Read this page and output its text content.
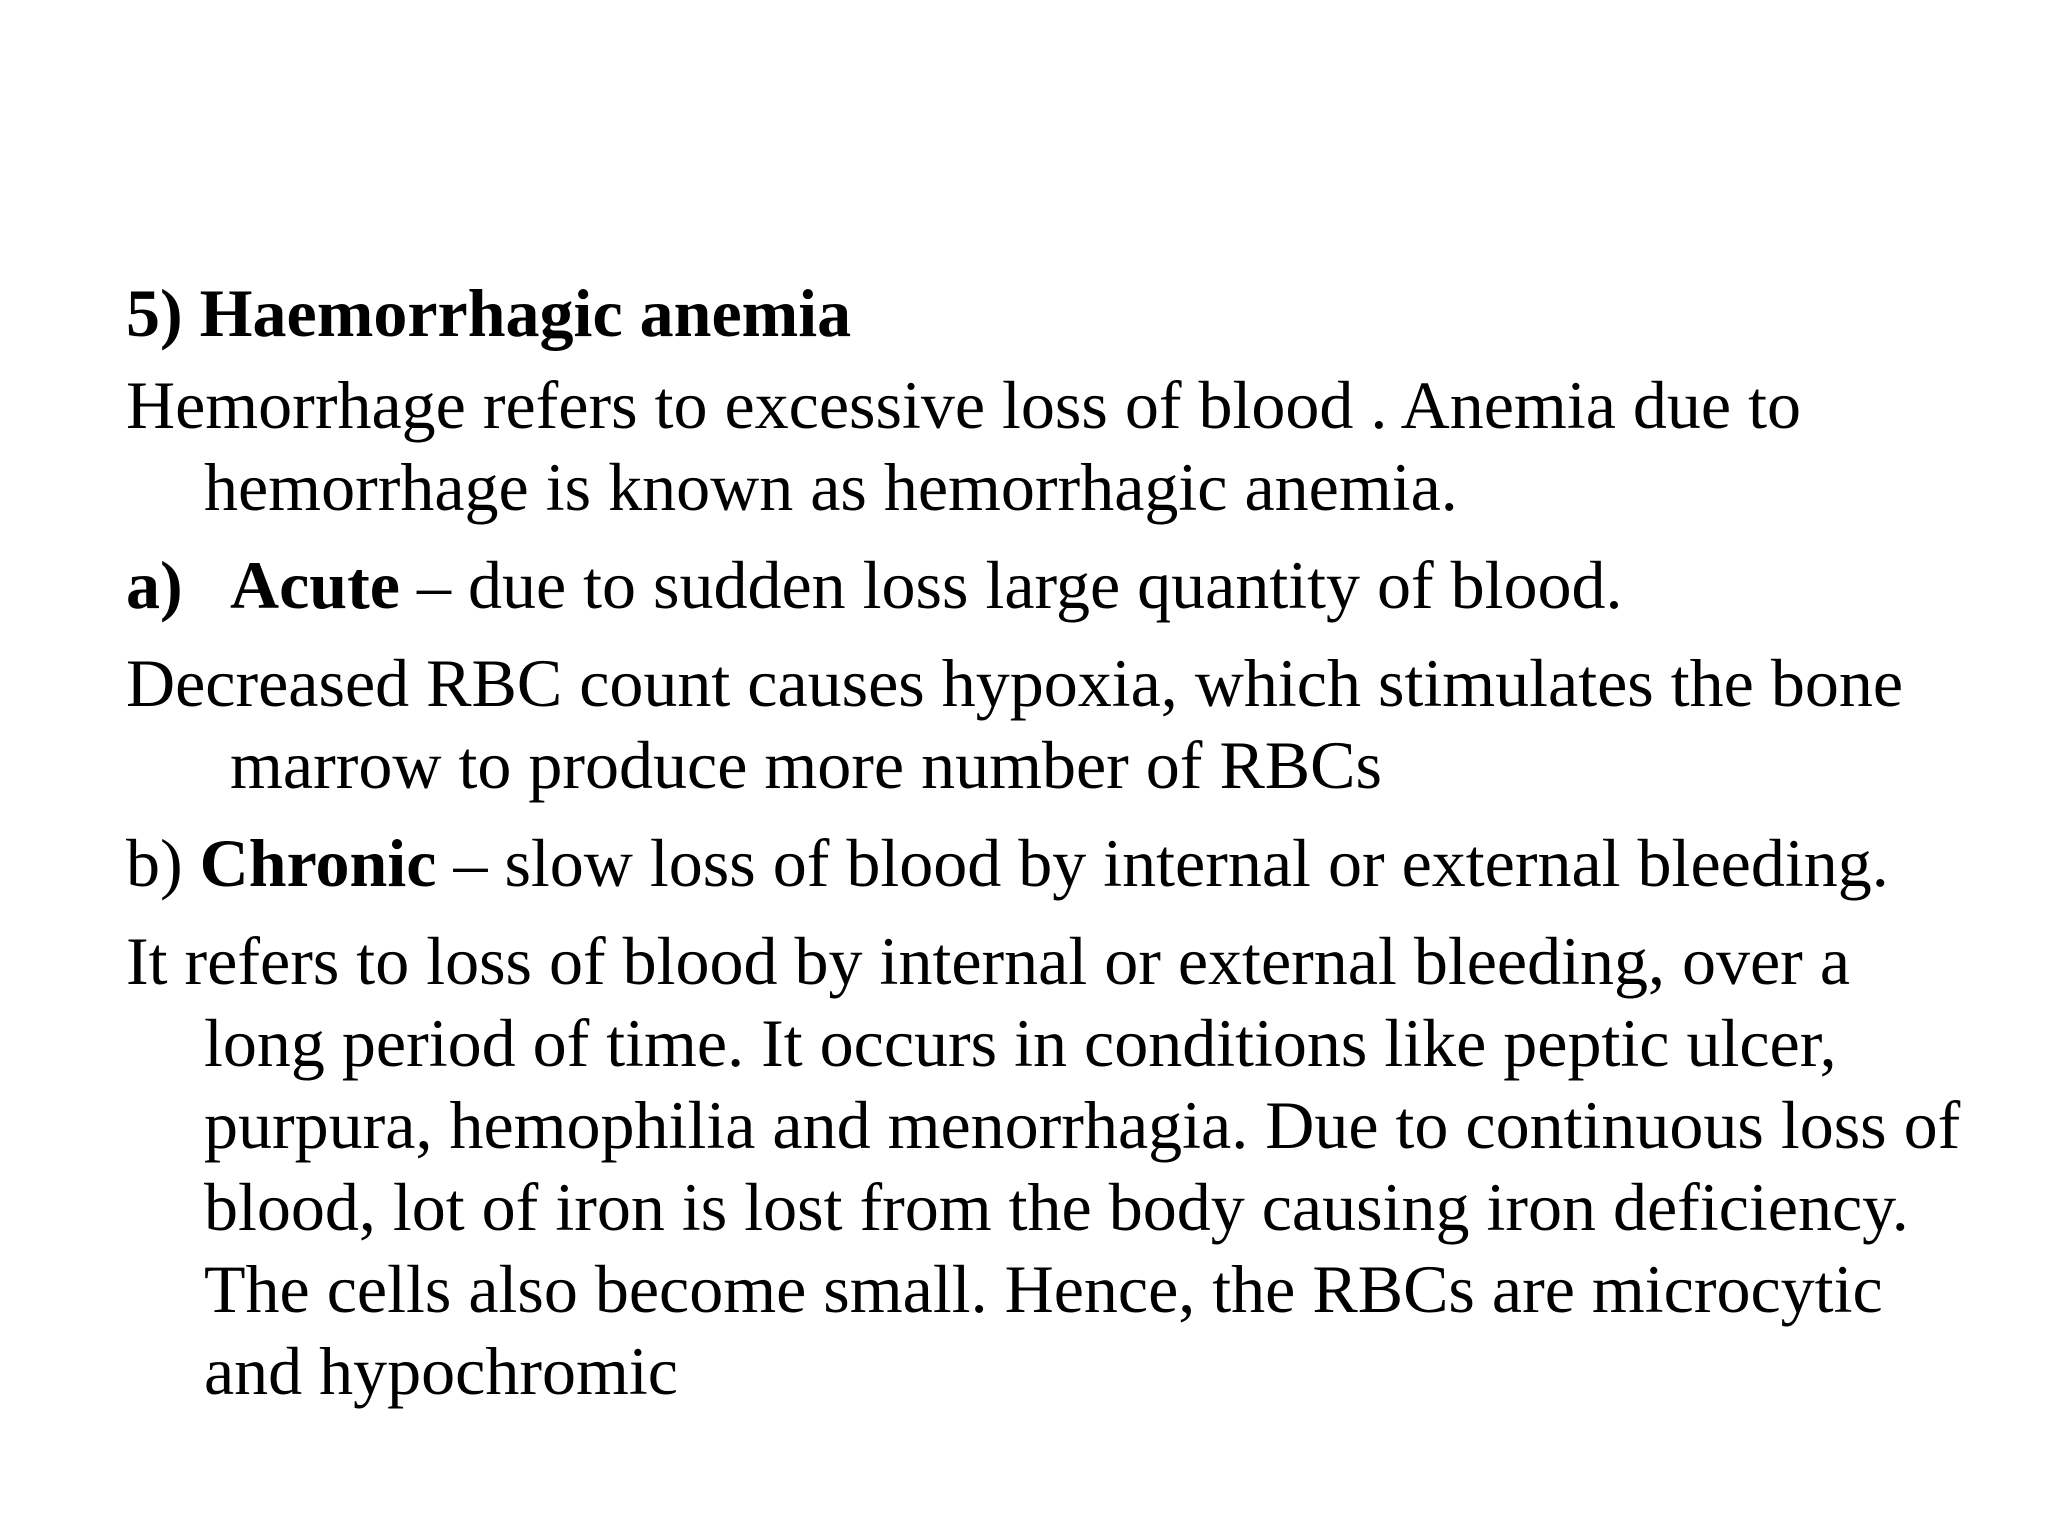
5) Haemorrhagic anemia

Hemorrhage refers to excessive loss of blood . Anemia due to hemorrhage is known as hemorrhagic anemia.

a) Acute – due to sudden loss large quantity of blood.

Decreased RBC count causes hypoxia, which stimulates the bone marrow to produce more number of RBCs

b) Chronic – slow loss of blood by internal or external bleeding.

It refers to loss of blood by internal or external bleeding, over a long period of time. It occurs in conditions like peptic ulcer, purpura, hemophilia and menorrhagia. Due to continuous loss of blood, lot of iron is lost from the body causing iron deficiency. The cells also become small. Hence, the RBCs are microcytic and hypochromic
